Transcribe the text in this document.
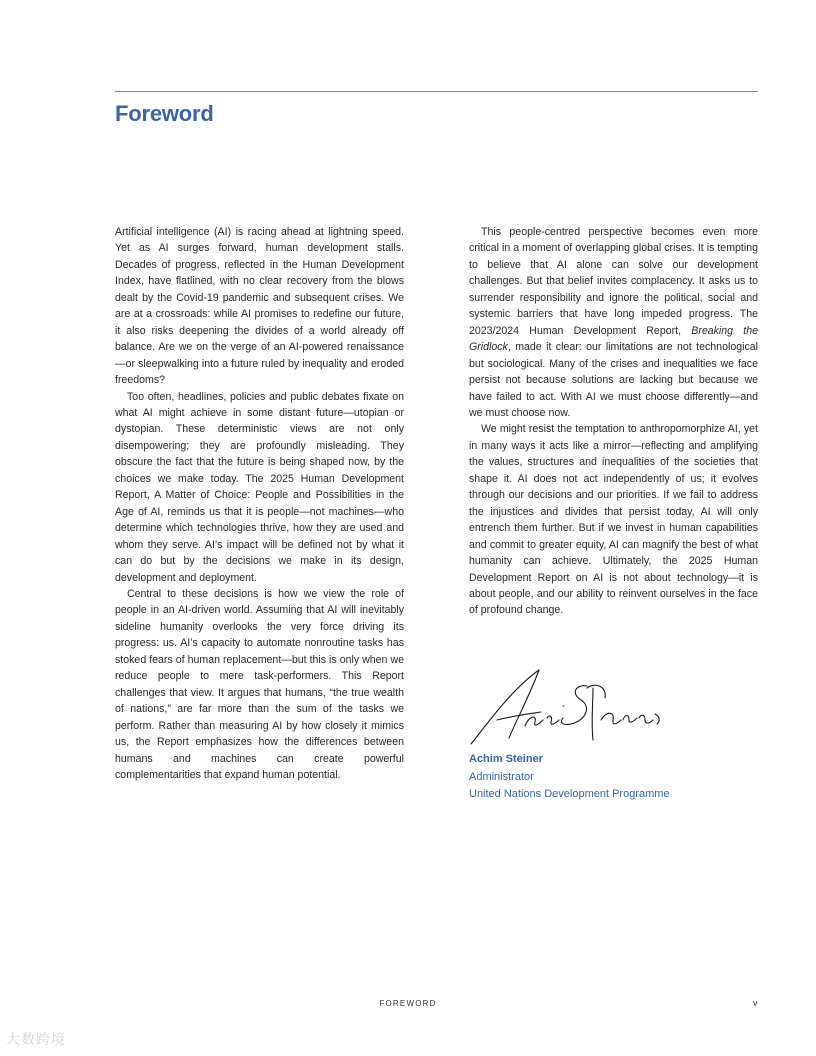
Foreword

Artificial intelligence (AI) is racing ahead at lightning speed. Yet as AI surges forward, human development stalls. Decades of progress, reflected in the Human Development Index, have flatlined, with no clear recovery from the blows dealt by the Covid-19 pandemic and subsequent crises. We are at a crossroads: while AI promises to redefine our future, it also risks deepening the divides of a world already off balance. Are we on the verge of an AI-powered renaissance—or sleepwalking into a future ruled by inequality and eroded freedoms?

Too often, headlines, policies and public debates fixate on what AI might achieve in some distant future—utopian or dystopian. These deterministic views are not only disempowering; they are profoundly misleading. They obscure the fact that the future is being shaped now, by the choices we make today. The 2025 Human Development Report, A Matter of Choice: People and Possibilities in the Age of AI, reminds us that it is people—not machines—who determine which technologies thrive, how they are used and whom they serve. AI’s impact will be defined not by what it can do but by the decisions we make in its design, development and deployment.

Central to these decisions is how we view the role of people in an AI-driven world. Assuming that AI will inevitably sideline humanity overlooks the very force driving its progress: us. AI’s capacity to automate nonroutine tasks has stoked fears of human replacement—but this is only when we reduce people to mere task-performers. This Report challenges that view. It argues that humans, “the true wealth of nations,” are far more than the sum of the tasks we perform. Rather than measuring AI by how closely it mimics us, the Report emphasizes how the differences between humans and machines can create powerful complementarities that expand human potential.

This people-centred perspective becomes even more critical in a moment of overlapping global crises. It is tempting to believe that AI alone can solve our development challenges. But that belief invites complacency. It asks us to surrender responsibility and ignore the political, social and systemic barriers that have long impeded progress. The 2023/2024 Human Development Report, Breaking the Gridlock, made it clear: our limitations are not technological but sociological. Many of the crises and inequalities we face persist not because solutions are lacking but because we have failed to act. With AI we must choose differently—and we must choose now.

We might resist the temptation to anthropomorphize AI, yet in many ways it acts like a mirror—reflecting and amplifying the values, structures and inequalities of the societies that shape it. AI does not act independently of us; it evolves through our decisions and our priorities. If we fail to address the injustices and divides that persist today, AI will only entrench them further. But if we invest in human capabilities and commit to greater equity, AI can magnify the best of what humanity can achieve. Ultimately, the 2025 Human Development Report on AI is not about technology—it is about people, and our ability to reinvent ourselves in the face of profound change.

Achim Steiner
Administrator
United Nations Development Programme
FOREWORD	v
大数跨境
